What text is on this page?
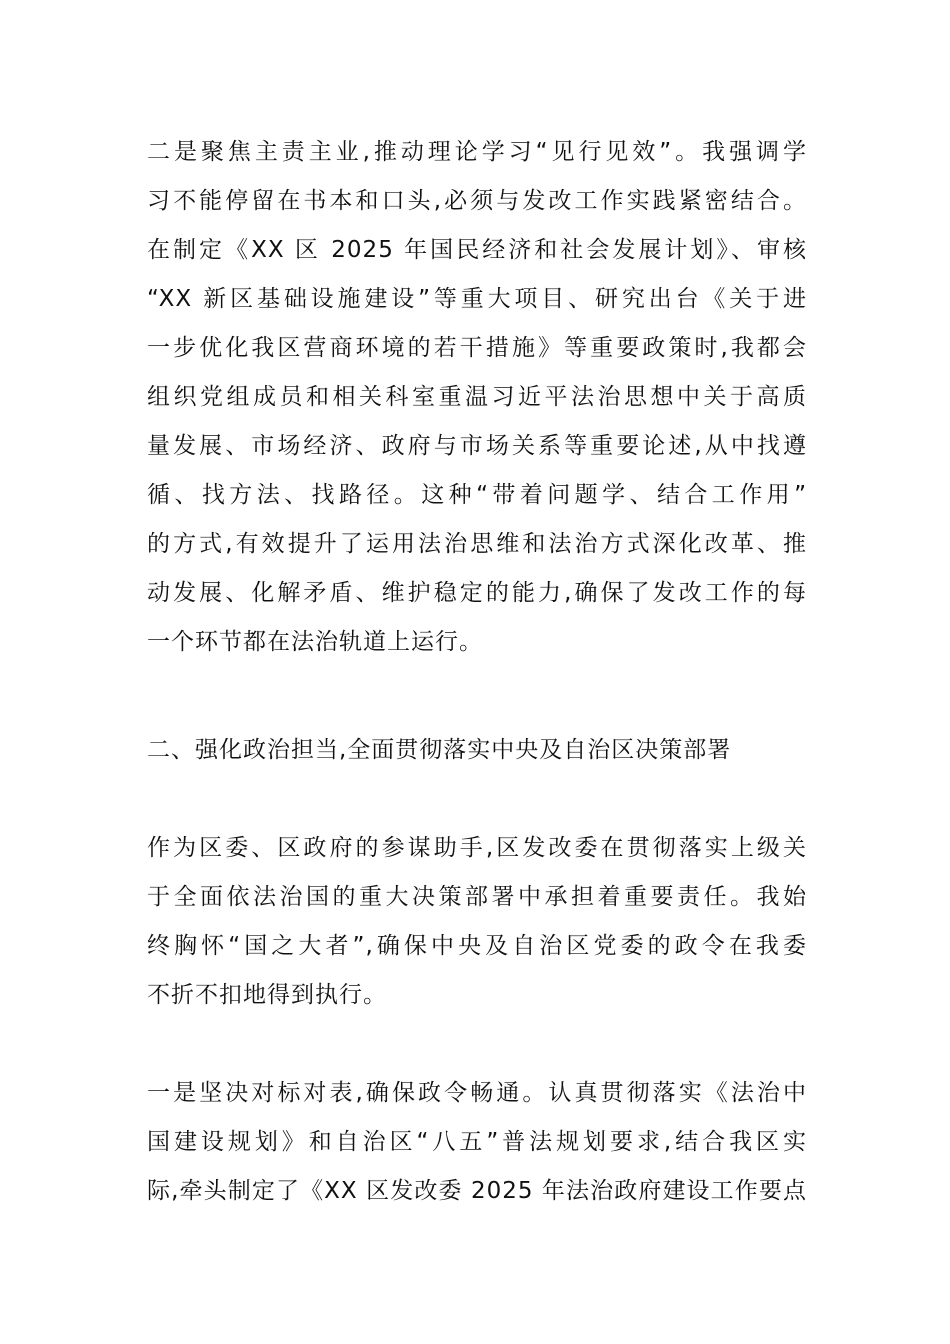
二是聚焦主责主业,推动理论学习“见行见效”。我强调学
习不能停留在书本和口头,必须与发改工作实践紧密结合。
在制定《XX 区 2025 年国民经济和社会发展计划》、审核
“XX 新区基础设施建设”等重大项目、研究出台《关于进
一步优化我区营商环境的若干措施》等重要政策时,我都会
组织党组成员和相关科室重温习近平法治思想中关于高质
量发展、市场经济、政府与市场关系等重要论述,从中找遵
循、找方法、找路径。这种“带着问题学、结合工作用”
的方式,有效提升了运用法治思维和法治方式深化改革、推
动发展、化解矛盾、维护稳定的能力,确保了发改工作的每
一个环节都在法治轨道上运行。
二、强化政治担当,全面贯彻落实中央及自治区决策部署
作为区委、区政府的参谋助手,区发改委在贯彻落实上级关
于全面依法治国的重大决策部署中承担着重要责任。我始
终胸怀“国之大者”,确保中央及自治区党委的政令在我委
不折不扣地得到执行。
一是坚决对标对表,确保政令畅通。认真贯彻落实《法治中
国建设规划》和自治区“八五”普法规划要求,结合我区实
际,牵头制定了《XX 区发改委 2025 年法治政府建设工作要点
